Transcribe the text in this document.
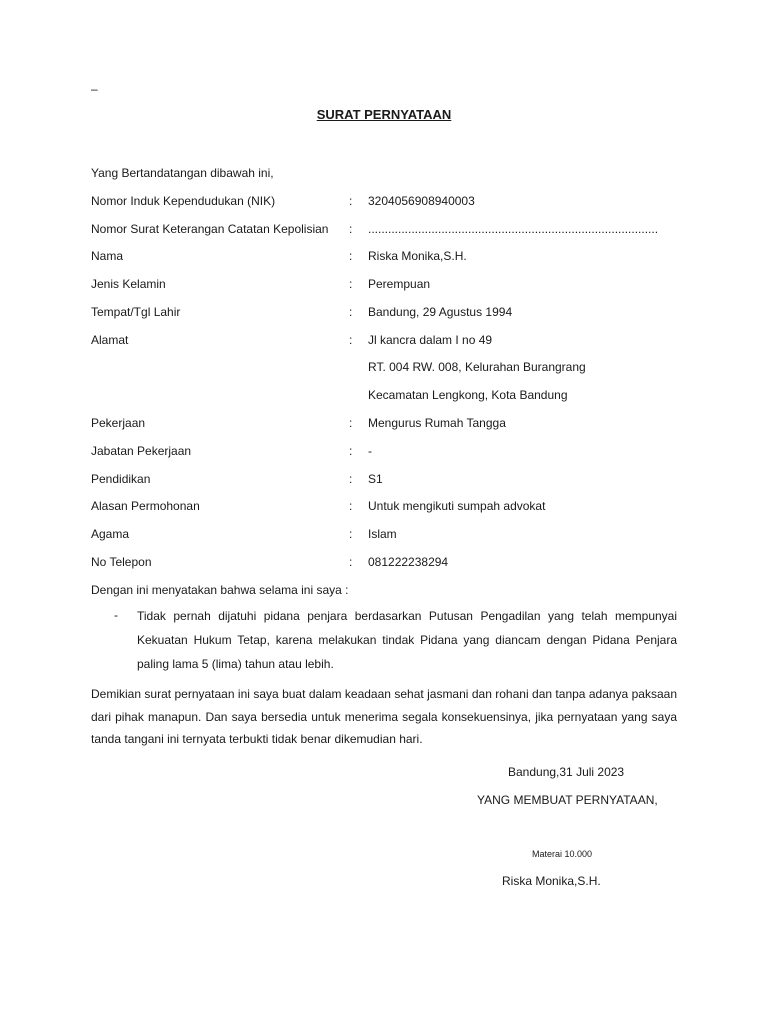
–
SURAT PERNYATAAN
Yang Bertandatangan dibawah ini,
Nomor Induk Kependudukan (NIK)	: 3204056908940003
Nomor Surat Keterangan Catatan Kepolisian : .......................................................................................
Nama	: Riska Monika,S.H.
Jenis Kelamin	: Perempuan
Tempat/Tgl Lahir	: Bandung, 29 Agustus 1994
Alamat	: Jl kancra dalam I no 49
RT. 004 RW. 008, Kelurahan Burangrang
Kecamatan Lengkong, Kota Bandung
Pekerjaan	: Mengurus Rumah Tangga
Jabatan Pekerjaan	: -
Pendidikan	: S1
Alasan Permohonan	: Untuk mengikuti sumpah advokat
Agama	: Islam
No Telepon	: 081222238294
Dengan ini menyatakan bahwa selama ini saya :
- Tidak pernah dijatuhi pidana penjara berdasarkan Putusan Pengadilan yang telah mempunyai Kekuatan Hukum Tetap, karena melakukan tindak Pidana yang diancam dengan Pidana Penjara paling lama 5 (lima) tahun atau lebih.
Demikian surat pernyataan ini saya buat dalam keadaan sehat jasmani dan rohani dan tanpa adanya paksaan dari pihak manapun. Dan saya bersedia untuk menerima segala konsekuensinya, jika pernyataan yang saya tanda tangani ini ternyata terbukti tidak benar dikemudian hari.
Bandung,31 Juli 2023
YANG MEMBUAT PERNYATAAN,
Materai 10.000
Riska Monika,S.H.
